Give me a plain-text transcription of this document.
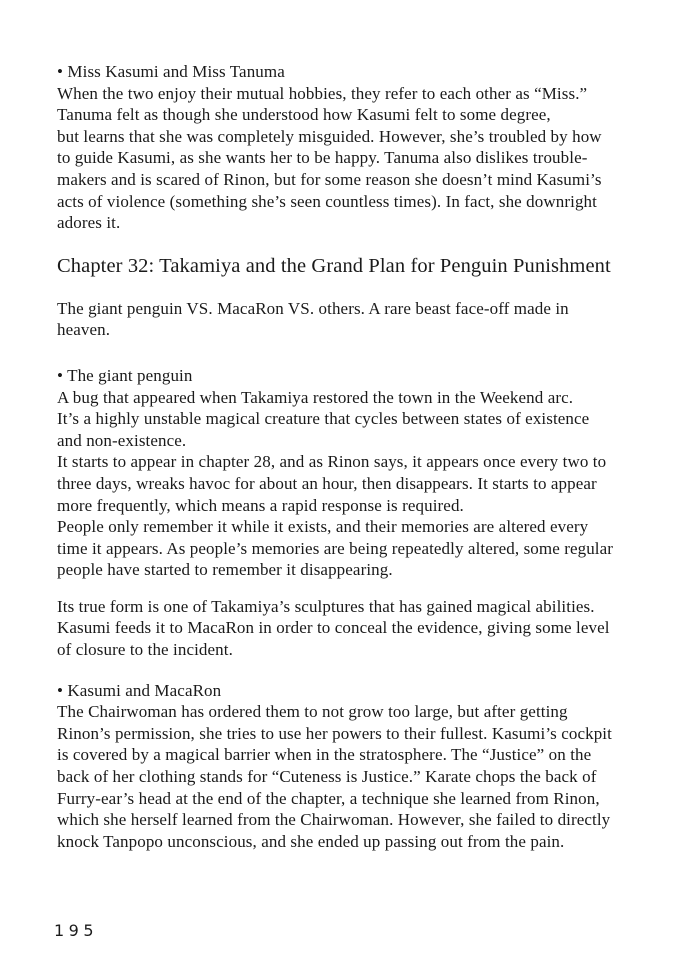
• Miss Kasumi and Miss Tanuma
When the two enjoy their mutual hobbies, they refer to each other as “Miss.”
Tanuma felt as though she understood how Kasumi felt to some degree,
but learns that she was completely misguided. However, she’s troubled by how
to guide Kasumi, as she wants her to be happy. Tanuma also dislikes trouble-
makers and is scared of Rinon, but for some reason she doesn’t mind Kasumi’s
acts of violence (something she’s seen countless times). In fact, she downright
adores it.
Chapter 32: Takamiya and the Grand Plan for Penguin Punishment
The giant penguin VS. MacaRon VS. others. A rare beast face-off made in
heaven.
• The giant penguin
A bug that appeared when Takamiya restored the town in the Weekend arc.
It’s a highly unstable magical creature that cycles between states of existence
and non-existence.
It starts to appear in chapter 28, and as Rinon says, it appears once every two to
three days, wreaks havoc for about an hour, then disappears. It starts to appear
more frequently, which means a rapid response is required.
People only remember it while it exists, and their memories are altered every
time it appears. As people’s memories are being repeatedly altered, some regular
people have started to remember it disappearing.
Its true form is one of Takamiya’s sculptures that has gained magical abilities.
Kasumi feeds it to MacaRon in order to conceal the evidence, giving some level
of closure to the incident.
• Kasumi and MacaRon
The Chairwoman has ordered them to not grow too large, but after getting
Rinon’s permission, she tries to use her powers to their fullest. Kasumi’s cockpit
is covered by a magical barrier when in the stratosphere. The “Justice” on the
back of her clothing stands for “Cuteness is Justice.” Karate chops the back of
Furry-ear’s head at the end of the chapter, a technique she learned from Rinon,
which she herself learned from the Chairwoman. However, she failed to directly
knock Tanpopo unconscious, and she ended up passing out from the pain.
195
